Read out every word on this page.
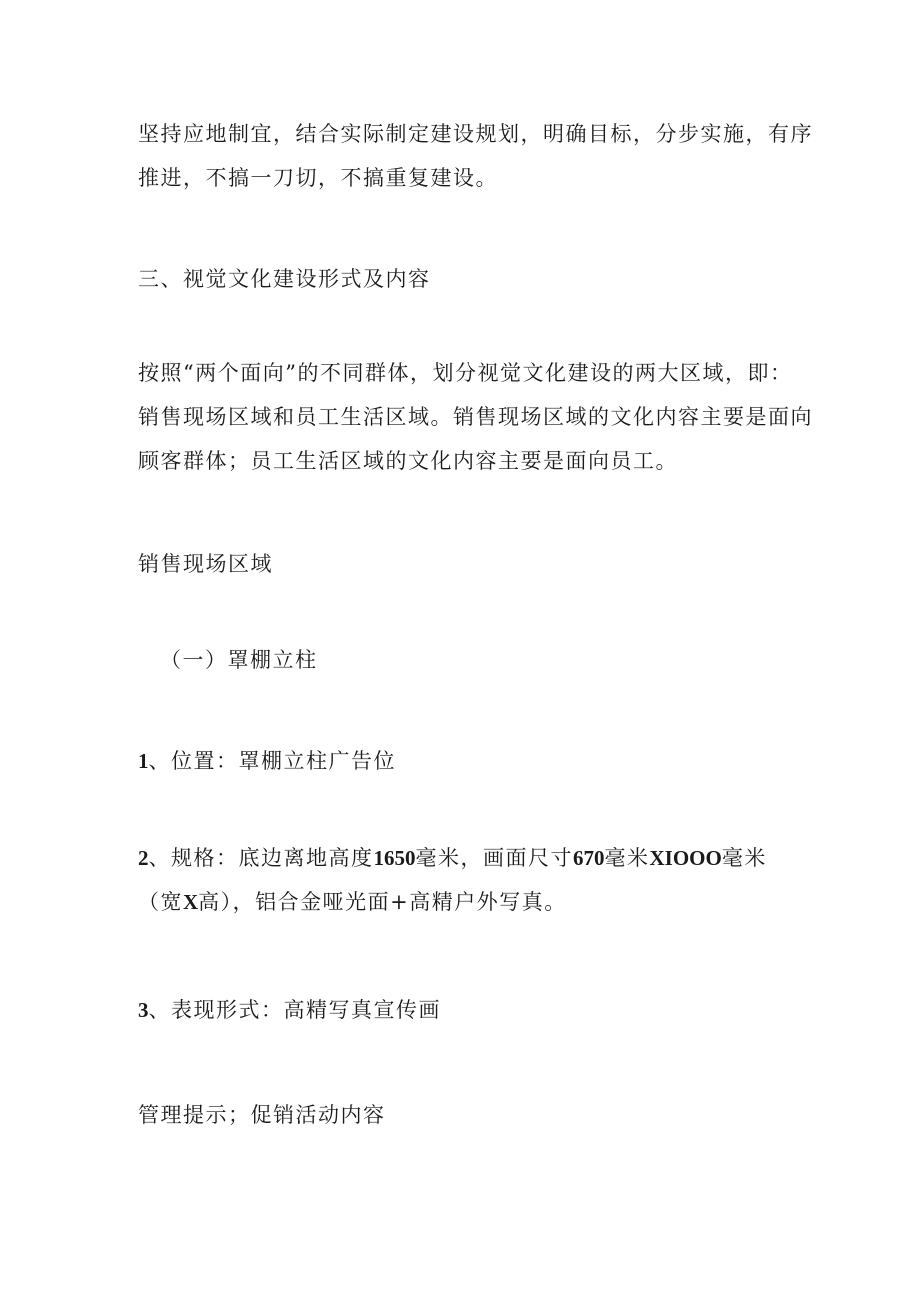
坚持应地制宜，结合实际制定建设规划，明确目标，分步实施，有序
推进，不搞一刀切，不搞重复建设。

三、视觉文化建设形式及内容

按照“两个面向”的不同群体，划分视觉文化建设的两大区域，即：
销售现场区域和员工生活区域。销售现场区域的文化内容主要是面向
顾客群体；员工生活区域的文化内容主要是面向员工。

销售现场区域

（一）罩棚立柱

1、位置：罩棚立柱广告位

2、规格：底边离地高度1650毫米，画面尺寸670毫米XIOOO毫米
（宽X高），铝合金哑光面+高精户外写真。

3、表现形式：高精写真宣传画

管理提示；促销活动内容
